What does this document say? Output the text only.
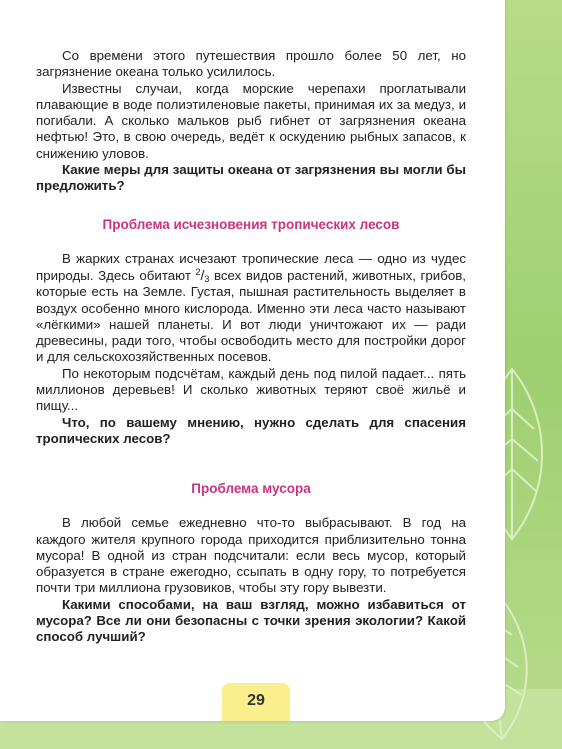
Со времени этого путешествия прошло более 50 лет, но загрязнение океана только усилилось.

Известны случаи, когда морские черепахи проглатывали плавающие в воде полиэтиленовые пакеты, принимая их за медуз, и погибали. А сколько мальков рыб гибнет от загрязнения океана нефтью! Это, в свою очередь, ведёт к оскудению рыбных запасов, к снижению уловов.

Какие меры для защиты океана от загрязнения вы могли бы предложить?

Проблема исчезновения тропических лесов

В жарких странах исчезают тропические леса — одно из чудес природы. Здесь обитают $^2/_3$ всех видов растений, животных, грибов, которые есть на Земле. Густая, пышная растительность выделяет в воздух особенно много кислорода. Именно эти леса часто называют «лёгкими» нашей планеты. И вот люди уничтожают их — ради древесины, ради того, чтобы освободить место для постройки дорог и для сельскохозяйственных посевов.

По некоторым подсчётам, каждый день под пилой падает... пять миллионов деревьев! И сколько животных теряют своё жильё и пищу...

Что, по вашему мнению, нужно сделать для спасения тропических лесов?

Проблема мусора

В любой семье ежедневно что-то выбрасывают. В год на каждого жителя крупного города приходится приблизительно тонна мусора! В одной из стран подсчитали: если весь мусор, который образуется в стране ежегодно, ссыпать в одну гору, то потребуется почти три миллиона грузовиков, чтобы эту гору вывезти.

Какими способами, на ваш взгляд, можно избавиться от мусора? Все ли они безопасны с точки зрения экологии? Какой способ лучший?

29
